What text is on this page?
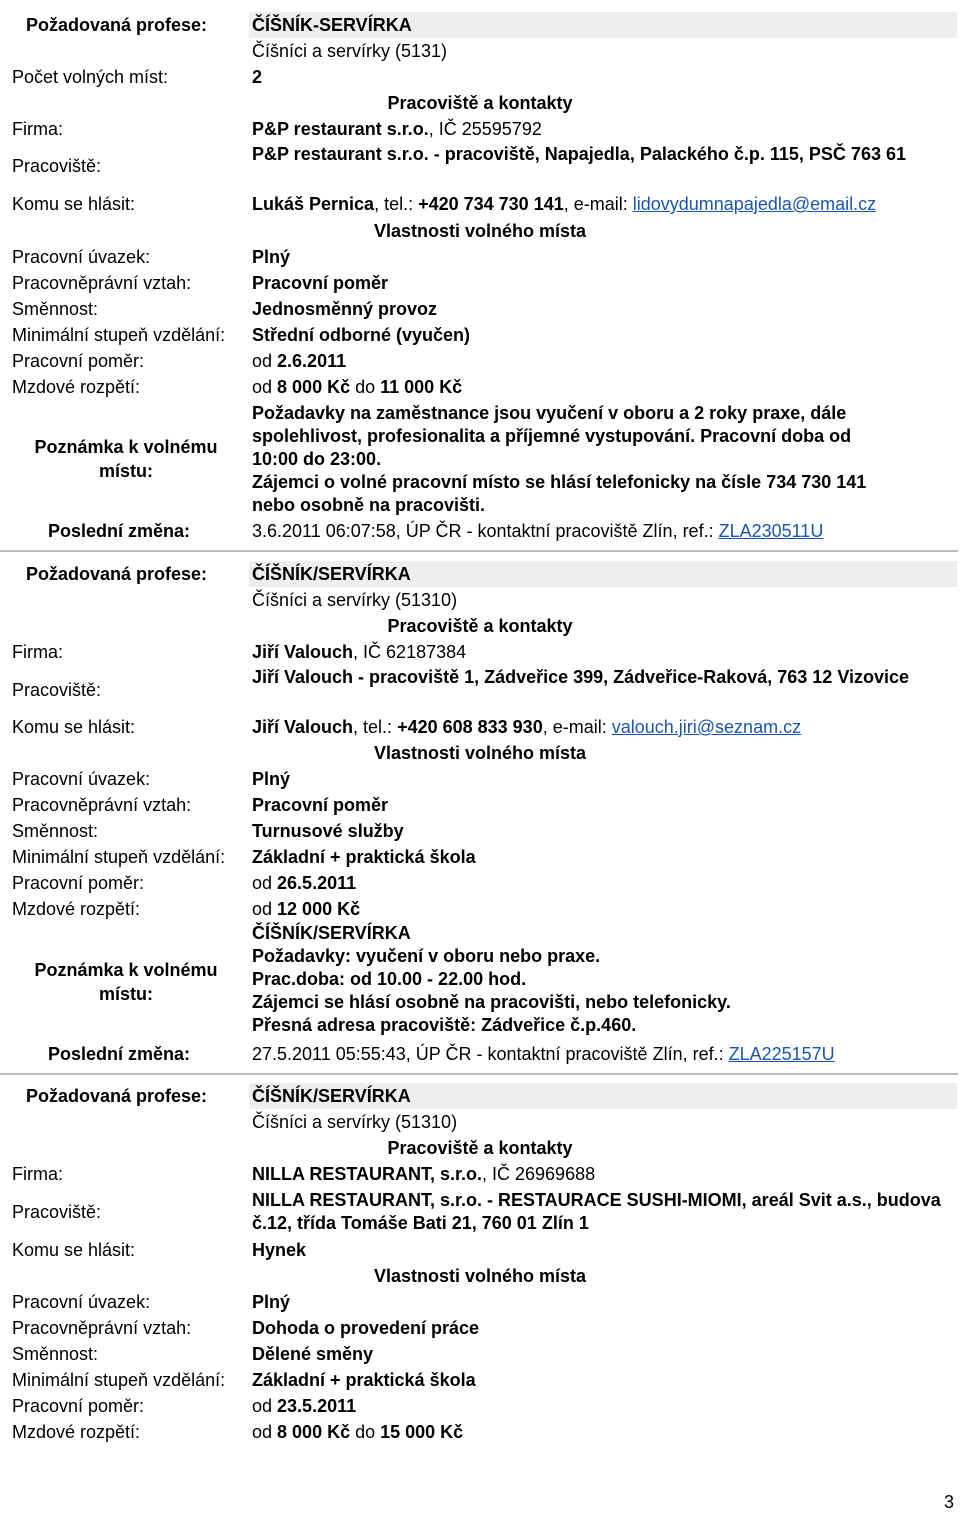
Požadovaná profese: ČÍŠNÍK-SERVÍRKA
Číšníci a servírky (5131)
Počet volných míst:	2
Pracoviště a kontakty
Firma:	P&P restaurant s.r.o., IČ 25595792
Pracoviště:
P&P restaurant s.r.o. - pracoviště, Napajedla, Palackého č.p. 115, PSČ 763 61
Komu se hlásit:	Lukáš Pernica, tel.: +420 734 730 141, e-mail: lidovydumnapajedla@email.cz
Vlastnosti volného místa
Pracovní úvazek:	Plný
Pracovněprávní vztah:	Pracovní poměr
Směnnost:	Jednosměnný provoz
Minimální stupeň vzdělání: Střední odborné (vyučen)
Pracovní poměr:	od 2.6.2011
Mzdové rozpětí:	od 8 000 Kč do 11 000 Kč
Poznámka k volnému místu:
Požadavky na zaměstnance jsou vyučení v oboru a 2 roky praxe, dále
spolehlivost, profesionalita a příjemné vystupování. Pracovní doba od
10:00 do 23:00.
Zájemci o volné pracovní místo se hlásí telefonicky na čísle 734 730 141
nebo osobně na pracovišti.
Poslední změna:	3.6.2011 06:07:58, ÚP ČR - kontaktní pracoviště Zlín, ref.: ZLA230511U
Požadovaná profese: ČÍŠNÍK/SERVÍRKA
Číšníci a servírky (51310)
Pracoviště a kontakty
Firma:	Jiří Valouch, IČ 62187384
Pracoviště:
Jiří Valouch - pracoviště 1, Zádveřice 399, Zádveřice-Raková, 763 12 Vizovice
Komu se hlásit:	Jiří Valouch, tel.: +420 608 833 930, e-mail: valouch.jiri@seznam.cz
Vlastnosti volného místa
Pracovní úvazek:	Plný
Pracovněprávní vztah:	Pracovní poměr
Směnnost:	Turnusové služby
Minimální stupeň vzdělání: Základní + praktická škola
Pracovní poměr:	od 26.5.2011
Mzdové rozpětí:	od 12 000 Kč
Poznámka k volnému místu:
ČÍŠNÍK/SERVÍRKA
Požadavky: vyučení v oboru nebo praxe.
Prac.doba: od 10.00 - 22.00 hod.
Zájemci se hlásí osobně na pracovišti, nebo telefonicky.
Přesná adresa pracoviště: Zádveřice č.p.460.
Poslední změna:	27.5.2011 05:55:43, ÚP ČR - kontaktní pracoviště Zlín, ref.: ZLA225157U
Požadovaná profese: ČÍŠNÍK/SERVÍRKA
Číšníci a servírky (51310)
Pracoviště a kontakty
Firma:	NILLA RESTAURANT, s.r.o., IČ 26969688
Pracoviště:
NILLA RESTAURANT, s.r.o. - RESTAURACE SUSHI-MIOMI, areál Svit a.s., budova č.12, třída Tomáše Bati 21, 760 01 Zlín 1
Komu se hlásit:	Hynek
Vlastnosti volného místa
Pracovní úvazek:	Plný
Pracovněprávní vztah:	Dohoda o provedení práce
Směnnost:	Dělené směny
Minimální stupeň vzdělání: Základní + praktická škola
Pracovní poměr:	od 23.5.2011
Mzdové rozpětí:	od 8 000 Kč do 15 000 Kč
3
